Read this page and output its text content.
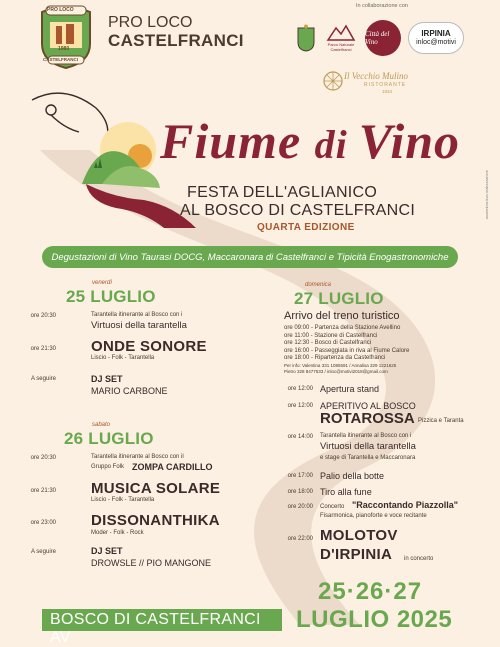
PRO LOCO
1980
CASTELFRANCI
PRO LOCO
CASTELFRANCI
In collaborazione con
Parco Naturale Castelfranci
Città del Vino
IRPINIA
inloc@motivi
Il Vecchio Mulino
RISTORANTE
1834
assembra.tiva realizzazione
Fiume di Vino
FESTA DELL'AGLIANICO
AL BOSCO DI CASTELFRANCI
QUARTA EDIZIONE
Degustazioni di Vino Taurasi DOCG, Maccaronara di Castelfranci e Tipicità Enogastronomiche
venerdì
25 LUGLIO
ore 20:30	Tarantella itinerante al Bosco con i
Virtuosi della tarantella
ore 21:30 ONDE SONORE
Liscio - Folk - Tarantella
A seguire	DJ SET
MARIO CARBONE
sabato
26 LUGLIO
ore 20:30	Tarantella itinerante al Bosco con il
Gruppo Folk ZOMPA CARDILLO
ore 21:30 MUSICA SOLARE
Liscio - Folk - Tarantella
ore 23:00 DISSONANTHIKA
Moder - Folk - Rock
A seguire	DJ SET
DROWSLE // PIO MANGONE
domenica
27 LUGLIO
Arrivo del treno turistico
ore 09:00 - Partenza della Stazione Avellino
ore 11:00 - Stazione di Castelfranci
ore 12:30 - Bosco di Castelfranci
ore 16:00 - Passeggiata in riva al Fiume Calore
ore 18:00 - Ripartenza da Castelfranci
Per info: Valentina 331 1085591 / Annalisa 329 1221625
Pietro 328 8477533 / inloc@motivi2018@gmail.com
ore 12:00 Apertura stand
ore 12:00 APERITIVO AL BOSCO
ROTAROSSA Pizzica e Taranta
ore 14:00 Tarantella itinerante al Bosco con i
Virtuosi della tarantella
e stage di Tarantella e Maccaronara
ore 17:00 Palio della botte
ore 18:00 Tiro alla fune
ore 20:00 Concerto "Raccontando Piazzolla"
Fisarmonica, pianoforte e voce recitante
ore 22:00 MOLOTOV
D'IRPINIA in concerto
25·26·27
LUGLIO 2025
BOSCO DI CASTELFRANCI AV
